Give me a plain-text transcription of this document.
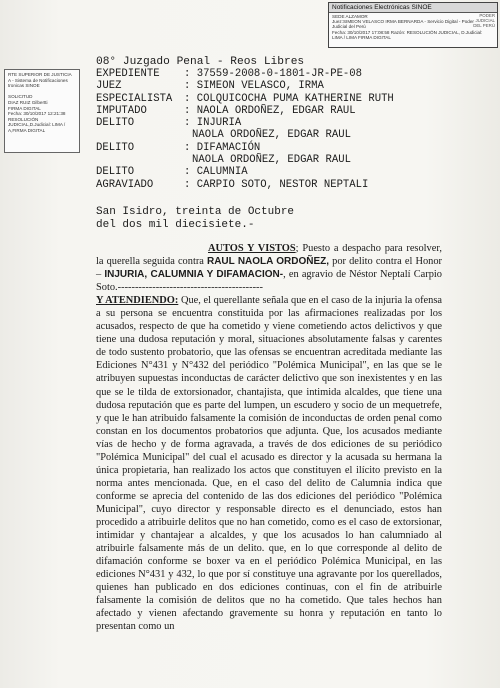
Notificaciones Electrónicas SINOE
SEDE ALZAMOR
Juez:SIMEON VELASCO IRMA BERNARDA - Servicio Digital - Poder
Judicial del Perú
Fecha: 30/10/2017 17:08:58 Razón: RESOLUCIÓN JUDICIAL, D.Judicial:
LIMA / LIMA FIRMA DIGITAL
PODER
JUDICIAL
DEL PERÚ
RTE SUPERIOR DE JUSTICIA
A - Sistema de Notificaciones
tronicas SINOE

SOLICITUD
DIAZ RUIZ Gilbertti
FIRMA DIGITAL
Fecha: 30/10/2017 12:21:38
RESOLUCIÓN
JUDICIAL,D.Judicial: LIMA /
A,FIRMA DIGITAL
08° Juzgado Penal - Reos Libres
EXPEDIENTE	: 37559-2008-0-1801-JR-PE-08
JUEZ	: SIMEON VELASCO, IRMA
ESPECIALISTA	: COLQUICOCHA PUMA KATHERINE RUTH
IMPUTADO	: NAOLA ORDOÑEZ, EDGAR RAUL
DELITO	: INJURIA
NAOLA ORDOÑEZ, EDGAR RAUL
DELITO	: DIFAMACIÓN
NAOLA ORDOÑEZ, EDGAR RAUL
DELITO	: CALUMNIA
AGRAVIADO	: CARPIO SOTO, NESTOR NEPTALI
San Isidro, treinta de Octubre
del dos mil diecisiete.-

AUTOS Y VISTOS; Puesto a despacho para resolver, la querella seguida contra RAUL NAOLA ORDOÑEZ, por delito contra el Honor – INJURIA, CALUMNIA Y DIFAMACION-, en agravio de Néstor Neptalí Carpio Soto.------------------------------------------

Y ATENDIENDO: Que, el querellante señala que en el caso de la injuria la ofensa a su persona se encuentra constituida por las afirmaciones realizadas por los acusados, respecto de que ha cometido y viene cometiendo actos delictivos y que tiene una dudosa reputación y moral, situaciones absolutamente falsas y carentes de todo sustento probatorio, que las ofensas se encuentran acreditada mediante las Ediciones N°431 y N°432 del periódico "Polémica Municipal", en las que se le atribuyen supuestas inconductas de carácter delictivo que son inexistentes y en las que se le tilda de extorsionador, chantajista, que intimida alcaldes, que tiene una dudosa reputación que es parte del lumpen, un escudero y socio de un mequetrefe, y que le han atribuido falsamente la comisión de inconductas de orden penal como constan en los documentos probatorios que adjunta. Que, los acusados mediante vías de hecho y de forma agravada, a través de dos ediciones de su periódico "Polémica Municipal" del cual el acusado es director y la acusada su hermana la única propietaria, han realizado los actos que constituyen el ilícito previsto en la norma antes mencionada. Que, en el caso del delito de Calumnia indica que conforme se aprecia del contenido de las dos ediciones del periódico "Polémica Municipal", cuyo director y responsable directo es el denunciado, estos han procedido a atribuirle delitos que no han cometido, como es el caso de extorsionar, intimidar y chantajear a alcaldes, y que los acusados lo han calumniado al atribuirle falsamente más de un delito. que, en lo que corresponde al delito de difamación conforme se boxer va en el periódico Polémica Municipal, en las ediciones N°431 y 432, lo que por sí constituye una agravante por los querellados, quienes han publicado en dos ediciones continuas, con el fin de atribuirle falsamente la comisión de delitos que no ha cometido. Que tales hechos han afectado y vienen afectando gravemente su honra y reputación en tanto lo presentan como un
